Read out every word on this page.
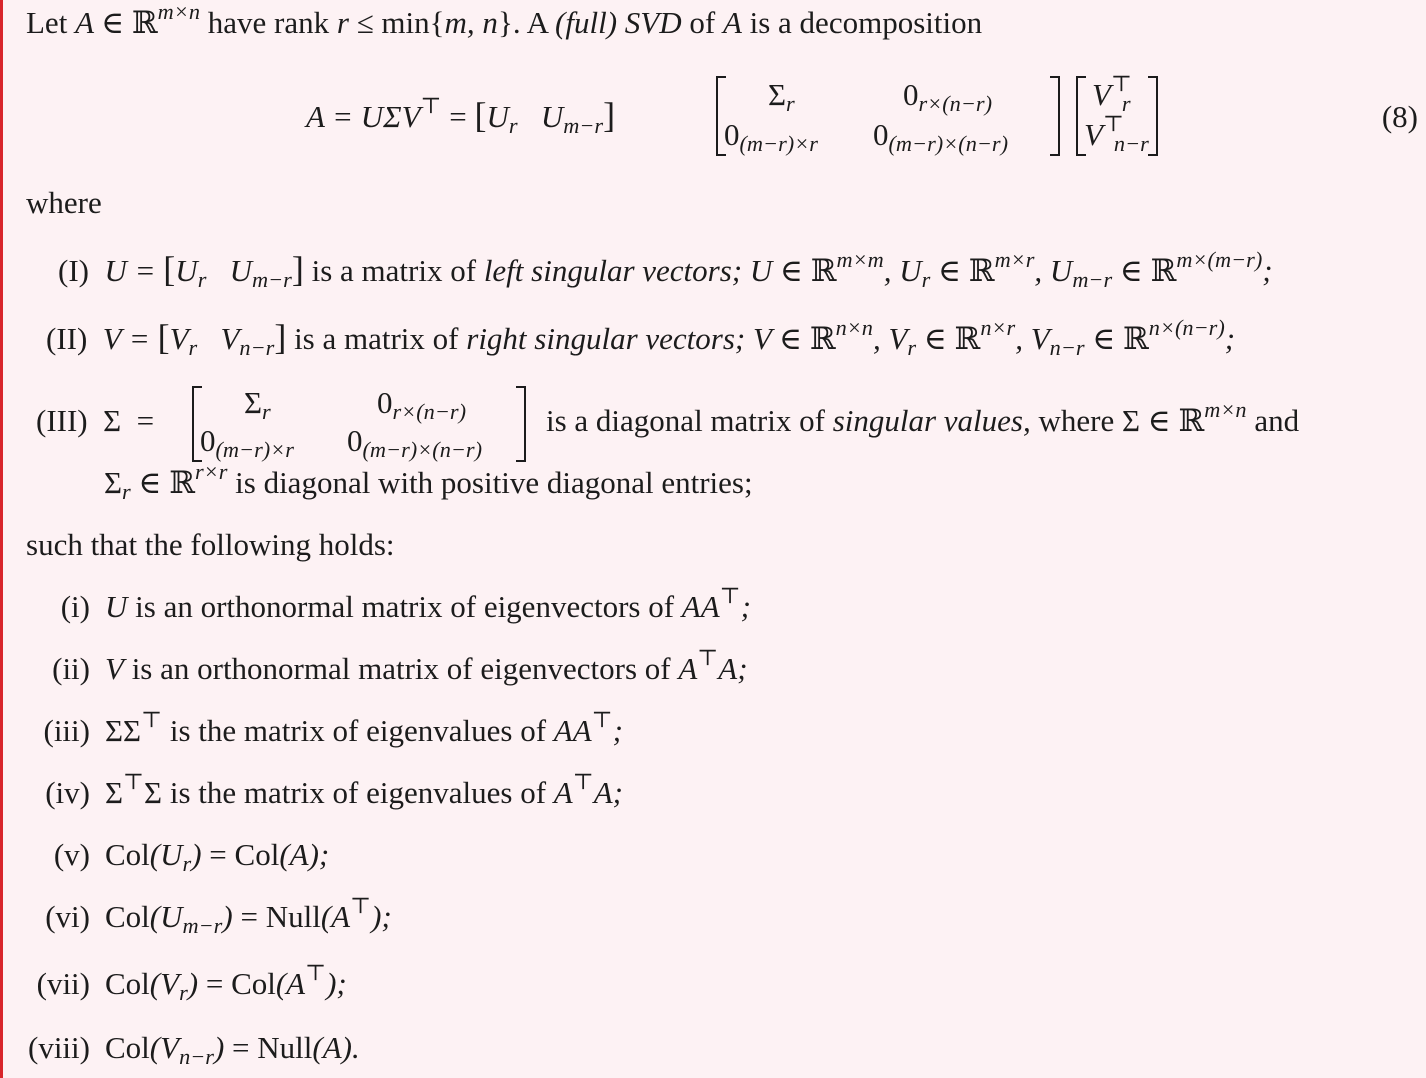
Let A ∈ ℝ$^{m\times n}$ have rank r ≤ min{m, n}. A (full) SVD of A is a decomposition
$A = U\Sigma V^⊤ = [U_r$ $U_{m-r}$]
$\Sigma_r$	$0_{r\times(n-r)}$
$0_{(m-r)\times r}$ $0_{(m-r)\times(n-r)}$
$V^⊤_r$
$V^⊤_{n-r}$
(8)
where
(I)  $U = [U_r$   $U_{m-r}$] is a matrix of left singular vectors; U ∈ ℝ$^{m\times m}$, $U_r$ ∈ ℝ$^{m\times r}$, $U_{m-r}$ ∈ ℝ$^{m\times(m-r)}$;
(II)  $V = [V_r$   $V_{n-r}$] is a matrix of right singular vectors; V ∈ ℝ$^{n\times n}$, $V_r$ ∈ ℝ$^{n\times r}$, $V_{n-r}$ ∈ ℝ$^{n\times(n-r)}$;
(III)  Σ  =
$\Sigma_r$	$0_{r\times(n-r)}$
$0_{(m-r)\times r}$ $0_{(m-r)\times(n-r)}$
is a diagonal matrix of singular values, where Σ ∈ ℝ$^{m\times n}$ and
$\Sigma_r$ ∈ ℝ$^{r\times r}$ is diagonal with positive diagonal entries;
such that the following holds:
(i) U is an orthonormal matrix of eigenvectors of AA⊤;
(ii) V is an orthonormal matrix of eigenvectors of A⊤A;
(iii) ΣΣ⊤ is the matrix of eigenvalues of AA⊤;
(iv) Σ⊤Σ is the matrix of eigenvalues of A⊤A;
(v) $Col(U_r) = Col(A)$;
(vi) $Col(U_{m-r})$ = Null(A⊤);
(vii) $Col(V_r) = Col(A^⊤)$;
(viii) $Col(V_{n-r})$ = Null(A).
